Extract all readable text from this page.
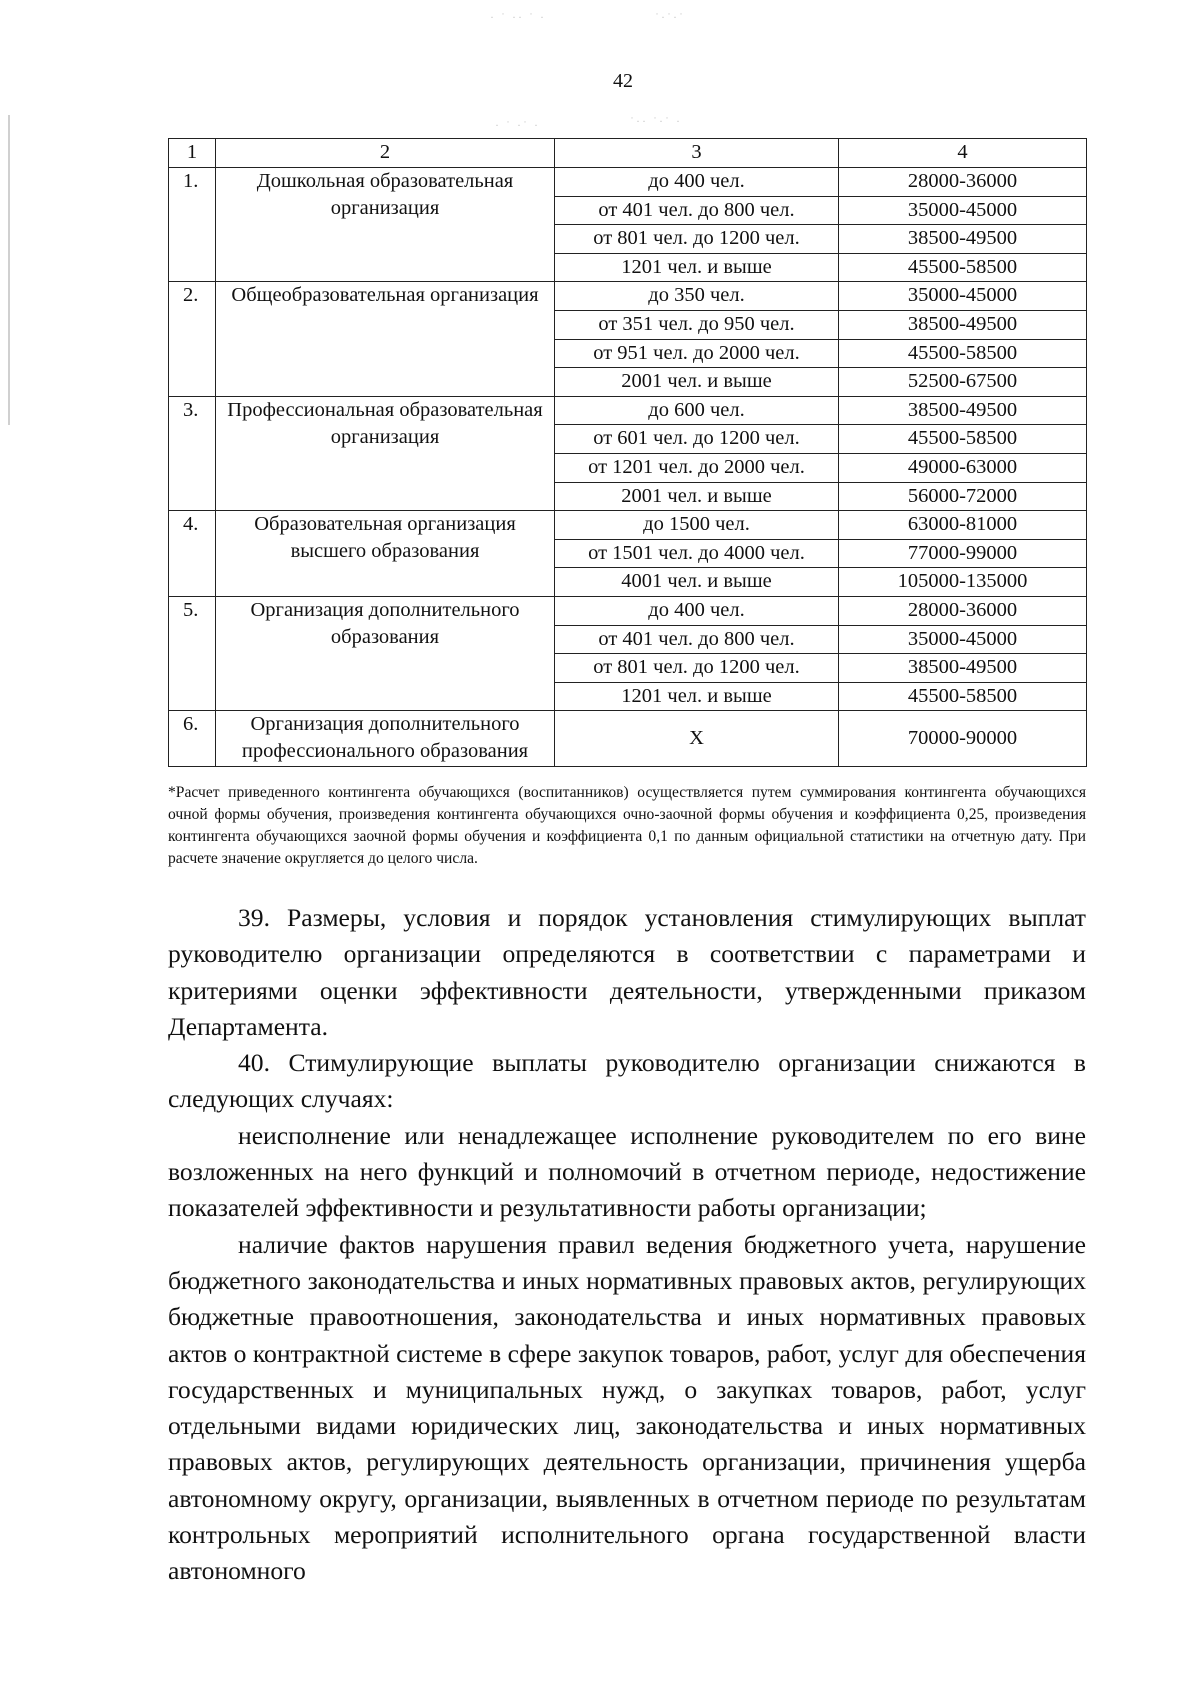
· ˙ ·· ˙ ·	˙·˙·˙
· ˙ ·˙ ·	˙·· ˙·˙ ·
42
1	2	3	4
1.	Дошкольная образовательная организация	до 400 чел.	28000-36000
		от 401 чел. до 800 чел.	35000-45000
		от 801 чел. до 1200 чел.	38500-49500
		1201 чел. и выше	45500-58500
2.	Общеобразовательная организация	до 350 чел.	35000-45000
		от 351 чел. до 950 чел.	38500-49500
		от 951 чел. до 2000 чел.	45500-58500
		2001 чел. и выше	52500-67500
3.	Профессиональная образовательная организация	до 600 чел.	38500-49500
		от 601 чел. до 1200 чел.	45500-58500
		от 1201 чел. до 2000 чел.	49000-63000
		2001 чел. и выше	56000-72000
4.	Образовательная организация высшего образования	до 1500 чел.	63000-81000
		от 1501 чел. до 4000 чел.	77000-99000
		4001 чел. и выше	105000-135000
5.	Организация дополнительного образования	до 400 чел.	28000-36000
		от 401 чел. до 800 чел.	35000-45000
		от 801 чел. до 1200 чел.	38500-49500
		1201 чел. и выше	45500-58500
6.	Организация дополнительного профессионального образования	Х	70000-90000
*Расчет приведенного контингента обучающихся (воспитанников) осуществляется путем суммирования контингента обучающихся очной формы обучения, произведения контингента обучающихся очно-заочной формы обучения и коэффициента 0,25, произведения контингента обучающихся заочной формы обучения и коэффициента 0,1 по данным официальной статистики на отчетную дату. При расчете значение округляется до целого числа.

39. Размеры, условия и порядок установления стимулирующих выплат руководителю организации определяются в соответствии с параметрами и критериями оценки эффективности деятельности, утвержденными приказом Департамента.

40. Стимулирующие выплаты руководителю организации снижаются в следующих случаях:

неисполнение или ненадлежащее исполнение руководителем по его вине возложенных на него функций и полномочий в отчетном периоде, недостижение показателей эффективности и результативности работы организации;

наличие фактов нарушения правил ведения бюджетного учета, нарушение бюджетного законодательства и иных нормативных правовых актов, регулирующих бюджетные правоотношения, законодательства и иных нормативных правовых актов о контрактной системе в сфере закупок товаров, работ, услуг для обеспечения государственных и муниципальных нужд, о закупках товаров, работ, услуг отдельными видами юридических лиц, законодательства и иных нормативных правовых актов, регулирующих деятельность организации, причинения ущерба автономному округу, организации, выявленных в отчетном периоде по результатам контрольных мероприятий исполнительного органа государственной власти автономного
